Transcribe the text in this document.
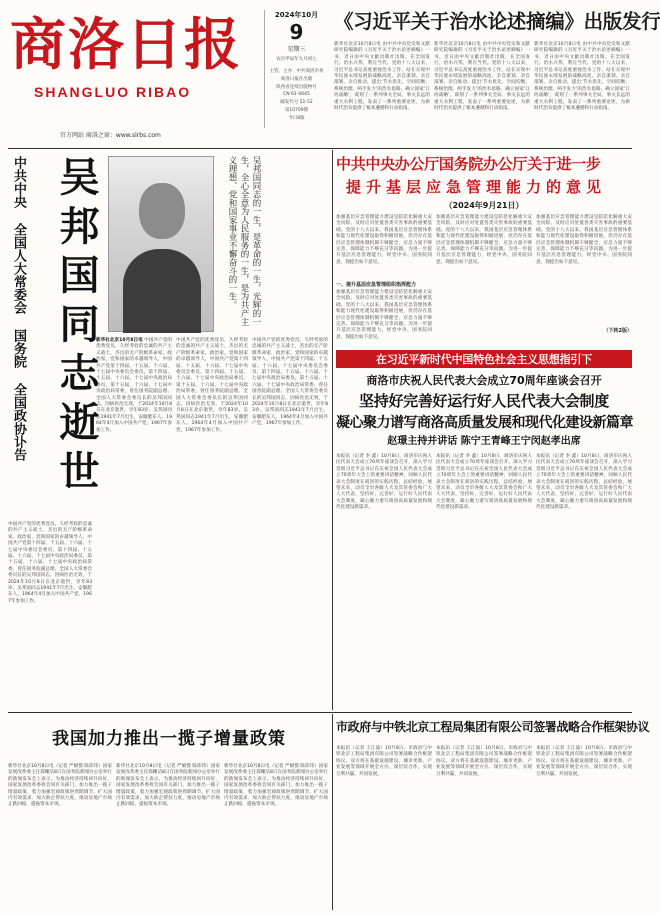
商洛日报
SHANGLUO RIBAO
官方网站 商洛之窗：www.slrbs.com
2024年10月
9
星期三
农历甲辰年九月初七
主管、主办：中共商洛市委
商洛日报社出版
陕西省连续出版物号
CN 61-0045
邮发代号 51-52
第10709期
今日8版
《习近平关于治水论述摘编》出版发行
新华社北京10月8日电 由中共中央党史和文献研究院编辑的《习近平关于治水论述摘编》一书，近日由中央文献出版社出版，在全国发行。治水兴邦，利在当代。党的十八大以来，习近平总书记高度重视治水工作，站在实现中华民族永续发展的战略高度，亲自谋划、亲自部署、亲自推动，提出‘节水优先、空间均衡、系统治理、两手发力’的治水思路，确立国家‘江河战略’，谋划了一系列事关全局、事关长远的重大水利工程，发表了一系列重要论述，为新时代治水提供了根本遵循和行动指南。
新华社北京10月8日电 由中共中央党史和文献研究院编辑的《习近平关于治水论述摘编》一书，近日由中央文献出版社出版，在全国发行。治水兴邦，利在当代。党的十八大以来，习近平总书记高度重视治水工作，站在实现中华民族永续发展的战略高度，亲自谋划、亲自部署、亲自推动，提出‘节水优先、空间均衡、系统治理、两手发力’的治水思路，确立国家‘江河战略’，谋划了一系列事关全局、事关长远的重大水利工程，发表了一系列重要论述，为新时代治水提供了根本遵循和行动指南。
新华社北京10月8日电 由中共中央党史和文献研究院编辑的《习近平关于治水论述摘编》一书，近日由中央文献出版社出版，在全国发行。治水兴邦，利在当代。党的十八大以来，习近平总书记高度重视治水工作，站在实现中华民族永续发展的战略高度，亲自谋划、亲自部署、亲自推动，提出‘节水优先、空间均衡、系统治理、两手发力’的治水思路，确立国家‘江河战略’，谋划了一系列事关全局、事关长远的重大水利工程，发表了一系列重要论述，为新时代治水提供了根本遵循和行动指南。
中共中央 全国人大常委会 国务院 全国政协讣告 吴邦国同志逝世	吴邦国同志的一生，是革命的一生，光辉的一生，全心全意为人民服务的一生，是为共产主义理想、党和国家事业不懈奋斗的一生。
新华社北京10月8日电 中国共产党的优秀党员，久经考验的忠诚的共产主义战士，杰出的无产阶级革命家、政治家，党和国家的卓越领导人，中国共产党第十四届、十五届、十六届、十七届中央委员会委员，第十四届、十五届、十六届、十七届中央政治局委员，第十五届、十六届、十七届中央政治局常委，曾任国务院副总理、全国人大常委会委员长的吴邦国同志，因病医治无效，于2024年10月8日在北京逝世，享年83岁。吴邦国同志1941年7月出生，安徽肥东人。1964年4月加入中国共产党，1967年参加工作。
中国共产党的优秀党员，久经考验的忠诚的共产主义战士，杰出的无产阶级革命家、政治家，党和国家的卓越领导人，中国共产党第十四届、十五届、十六届、十七届中央委员会委员，第十四届、十五届、十六届、十七届中央政治局委员，第十五届、十六届、十七届中央政治局常委，曾任国务院副总理、全国人大常委会委员长的吴邦国同志，因病医治无效，于2024年10月8日在北京逝世，享年83岁。吴邦国同志1941年7月出生，安徽肥东人。1964年4月加入中国共产党，1967年参加工作。
中国共产党的优秀党员，久经考验的忠诚的共产主义战士，杰出的无产阶级革命家、政治家，党和国家的卓越领导人，中国共产党第十四届、十五届、十六届、十七届中央委员会委员，第十四届、十五届、十六届、十七届中央政治局委员，第十五届、十六届、十七届中央政治局常委，曾任国务院副总理、全国人大常委会委员长的吴邦国同志，因病医治无效，于2024年10月8日在北京逝世，享年83岁。吴邦国同志1941年7月出生，安徽肥东人。1964年4月加入中国共产党，1967年参加工作。
中国共产党的优秀党员，久经考验的忠诚的共产主义战士，杰出的无产阶级革命家、政治家，党和国家的卓越领导人，中国共产党第十四届、十五届、十六届、十七届中央委员会委员，第十四届、十五届、十六届、十七届中央政治局委员，第十五届、十六届、十七届中央政治局常委，曾任国务院副总理、全国人大常委会委员长的吴邦国同志，因病医治无效，于2024年10月8日在北京逝世，享年83岁。吴邦国同志1941年7月出生，安徽肥东人。1964年4月加入中国共产党，1967年参加工作。
中共中央办公厅国务院办公厅关于进一步
提升基层应急管理能力的意见
（2024年9月21日）
加强基层应急管理能力建设是防范化解重大安全风险、及时应对处置各类灾害事故的重要基础。党的十八大以来，我国基层应急管理体系和能力现代化建设取得积极进展，但仍存在基层应急管理体制机制不够健全、应急力量不够完善、保障能力不够充分等问题。为进一步提升基层应急管理能力，经党中央、国务院同意，现提出如下意见。
一、提升基层应急管理组织指挥能力
加强基层应急管理能力建设是防范化解重大安全风险、及时应对处置各类灾害事故的重要基础。党的十八大以来，我国基层应急管理体系和能力现代化建设取得积极进展，但仍存在基层应急管理体制机制不够健全、应急力量不够完善、保障能力不够充分等问题。为进一步提升基层应急管理能力，经党中央、国务院同意，现提出如下意见。
加强基层应急管理能力建设是防范化解重大安全风险、及时应对处置各类灾害事故的重要基础。党的十八大以来，我国基层应急管理体系和能力现代化建设取得积极进展，但仍存在基层应急管理体制机制不够健全、应急力量不够完善、保障能力不够充分等问题。为进一步提升基层应急管理能力，经党中央、国务院同意，现提出如下意见。
加强基层应急管理能力建设是防范化解重大安全风险、及时应对处置各类灾害事故的重要基础。党的十八大以来，我国基层应急管理体系和能力现代化建设取得积极进展，但仍存在基层应急管理体制机制不够健全、应急力量不够完善、保障能力不够充分等问题。为进一步提升基层应急管理能力，经党中央、国务院同意，现提出如下意见。
（下转2版）
在习近平新时代中国特色社会主义思想指引下
商洛市庆祝人民代表大会成立70周年座谈会召开
坚持好完善好运行好人民代表大会制度
凝心聚力谱写商洛高质量发展和现代化建设新篇章
赵璟主持并讲话 陈宁王青峰王宁闵赵孝出席
本报讯（记者 李 鑫）10月8日，商洛市庆祝人民代表大会成立70周年座谈会召开，深入学习贯彻习近平总书记在庆祝全国人民代表大会成立70周年大会上的重要讲话精神，回顾人民代表大会制度在商洛的实践历程，总结经验，展望未来，动员全市各级人大及其常委会和广大人大代表，坚持好、完善好、运行好人民代表大会制度，凝心聚力谱写商洛高质量发展和现代化建设新篇章。
本报讯（记者 李 鑫）10月8日，商洛市庆祝人民代表大会成立70周年座谈会召开，深入学习贯彻习近平总书记在庆祝全国人民代表大会成立70周年大会上的重要讲话精神，回顾人民代表大会制度在商洛的实践历程，总结经验，展望未来，动员全市各级人大及其常委会和广大人大代表，坚持好、完善好、运行好人民代表大会制度，凝心聚力谱写商洛高质量发展和现代化建设新篇章。
本报讯（记者 李 鑫）10月8日，商洛市庆祝人民代表大会成立70周年座谈会召开，深入学习贯彻习近平总书记在庆祝全国人民代表大会成立70周年大会上的重要讲话精神，回顾人民代表大会制度在商洛的实践历程，总结经验，展望未来，动员全市各级人大及其常委会和广大人大代表，坚持好、完善好、运行好人民代表大会制度，凝心聚力谱写商洛高质量发展和现代化建设新篇章。
我国加力推出一揽子增量政策
新华社北京10月8日电（记者 严赋憬 陈炜伟）国家发展改革委主任郑栅洁8日在国务院新闻办公室举行的新闻发布会上表示，为推动经济持续回升向好，国家发展改革委将会同有关部门，加力推出一揽子增量政策，着力加强宏观政策逆周期调节、扩大国内有效需求、加大助企帮扶力度、推动房地产市场止跌回稳、提振资本市场。
新华社北京10月8日电（记者 严赋憬 陈炜伟）国家发展改革委主任郑栅洁8日在国务院新闻办公室举行的新闻发布会上表示，为推动经济持续回升向好，国家发展改革委将会同有关部门，加力推出一揽子增量政策，着力加强宏观政策逆周期调节、扩大国内有效需求、加大助企帮扶力度、推动房地产市场止跌回稳、提振资本市场。
新华社北京10月8日电（记者 严赋憬 陈炜伟）国家发展改革委主任郑栅洁8日在国务院新闻办公室举行的新闻发布会上表示，为推动经济持续回升向好，国家发展改革委将会同有关部门，加力推出一揽子增量政策，着力加强宏观政策逆周期调节、扩大国内有效需求、加大助企帮扶力度、推动房地产市场止跌回稳、提振资本市场。
市政府与中铁北京工程局集团有限公司签署战略合作框架协议
本报讯（记者 王江波）10月8日，市政府与中铁北京工程局集团有限公司签署战略合作框架协议。双方将在基础设施建设、城市更新、产业发展等领域开展全方位、深层次合作，实现互利共赢、共同发展。
本报讯（记者 王江波）10月8日，市政府与中铁北京工程局集团有限公司签署战略合作框架协议。双方将在基础设施建设、城市更新、产业发展等领域开展全方位、深层次合作，实现互利共赢、共同发展。
本报讯（记者 王江波）10月8日，市政府与中铁北京工程局集团有限公司签署战略合作框架协议。双方将在基础设施建设、城市更新、产业发展等领域开展全方位、深层次合作，实现互利共赢、共同发展。
